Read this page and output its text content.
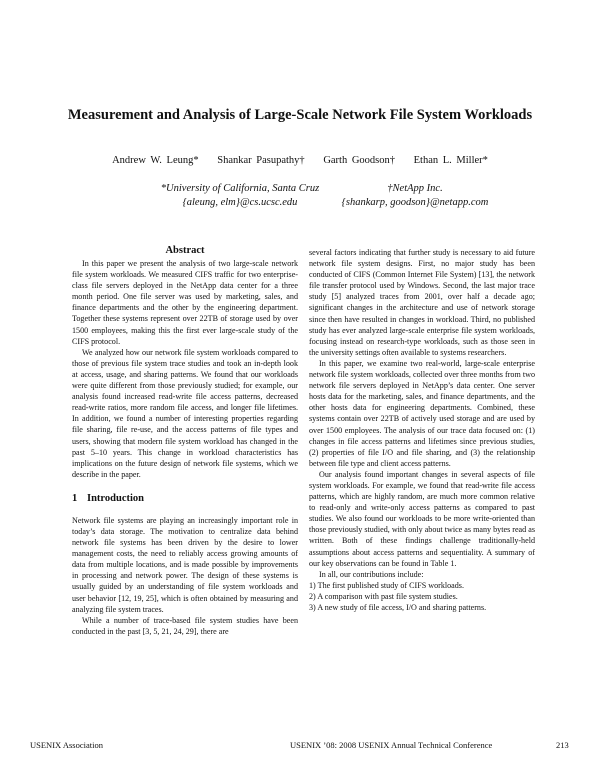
Measurement and Analysis of Large-Scale Network File System Workloads
Andrew W. Leung* Shankar Pasupathy† Garth Goodson† Ethan L. Miller*
*University of California, Santa Cruz
{aleung, elm}@cs.ucsc.edu
†NetApp Inc.
{shankarp, goodson}@netapp.com
Abstract

In this paper we present the analysis of two large-scale network file system workloads. We measured CIFS traffic for two enterprise-class file servers deployed in the NetApp data center for a three month period. One file server was used by marketing, sales, and finance departments and the other by the engineering department. Together these systems represent over 22TB of storage used by over 1500 employees, making this the first ever large-scale study of the CIFS protocol.

We analyzed how our network file system workloads compared to those of previous file system trace studies and took an in-depth look at access, usage, and sharing patterns. We found that our workloads were quite different from those previously studied; for example, our analysis found increased read-write file access patterns, decreased read-write ratios, more random file access, and longer file lifetimes. In addition, we found a number of interesting properties regarding file sharing, file re-use, and the access patterns of file types and users, showing that modern file system workload has changed in the past 5–10 years. This change in workload characteristics has implications on the future design of network file systems, which we describe in the paper.

1 Introduction

Network file systems are playing an increasingly important role in today’s data storage. The motivation to centralize data behind network file systems has been driven by the desire to lower management costs, the need to reliably access growing amounts of data from multiple locations, and is made possible by improvements in processing and network power. The design of these systems is usually guided by an understanding of file system workloads and user behavior [12, 19, 25], which is often obtained by measuring and analyzing file system traces.

While a number of trace-based file system studies have been conducted in the past [3, 5, 21, 24, 29], there are

several factors indicating that further study is necessary to aid future network file system designs. First, no major study has been conducted of CIFS (Common Internet File System) [13], the network file transfer protocol used by Windows. Second, the last major trace study [5] analyzed traces from 2001, over half a decade ago; significant changes in the architecture and use of network storage since then have resulted in changes in workload. Third, no published study has ever analyzed large-scale enterprise file system workloads, focusing instead on research-type workloads, such as those seen in the university settings often available to systems researchers.

In this paper, we examine two real-world, large-scale enterprise network file system workloads, collected over three months from two network file servers deployed in NetApp’s data center. One server hosts data for the marketing, sales, and finance departments, and the other hosts data for engineering departments. Combined, these systems contain over 22TB of actively used storage and are used by over 1500 employees. The analysis of our trace data focused on: (1) changes in file access patterns and lifetimes since previous studies, (2) properties of file I/O and file sharing, and (3) the relationship between file type and client access patterns.

Our analysis found important changes in several aspects of file system workloads. For example, we found that read-write file access patterns, which are highly random, are much more common relative to read-only and write-only access patterns as compared to past studies. We also found our workloads to be more write-oriented than those previously studied, with only about twice as many bytes read as written. Both of these findings challenge traditionally-held assumptions about access patterns and sequentiality. A summary of our key observations can be found in Table 1.

In all, our contributions include:

1) The first published study of CIFS workloads.

2) A comparison with past file system studies.

3) A new study of file access, I/O and sharing patterns.

USENIX Association	USENIX ’08: 2008 USENIX Annual Technical Conference	213
